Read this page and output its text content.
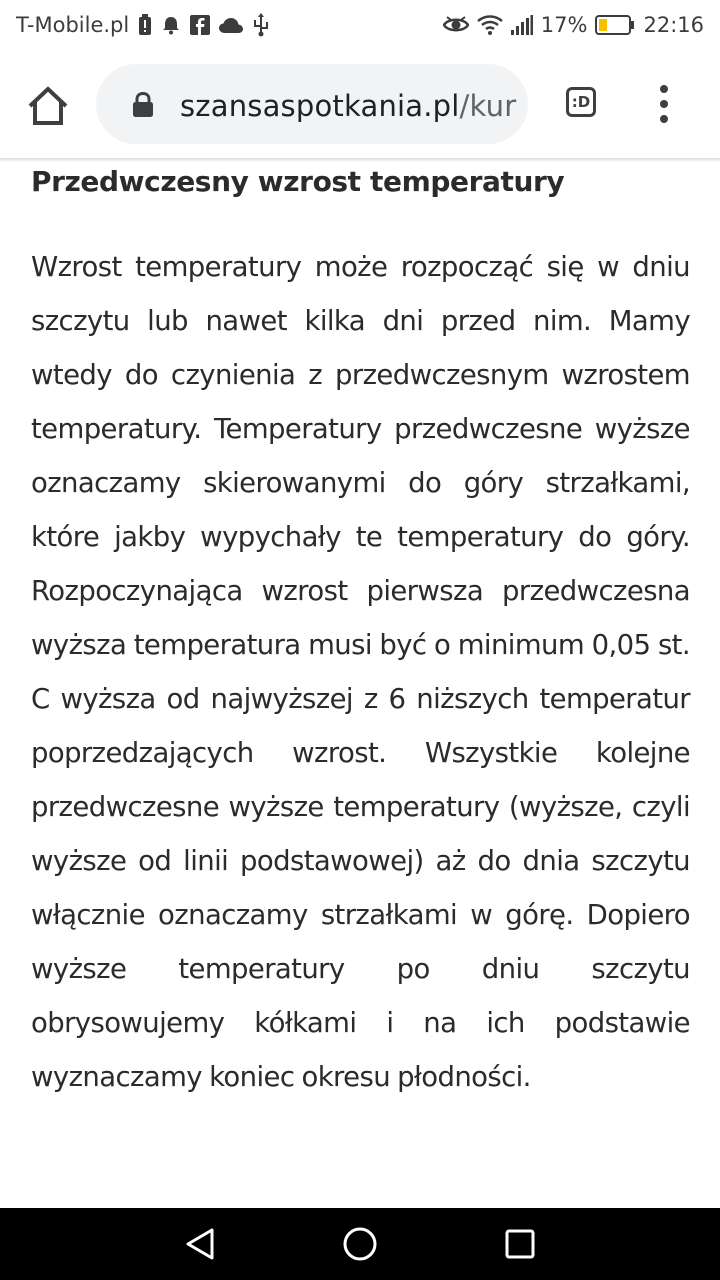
T-Mobile.pl	17%	22:16
szansaspotkania.pl/kur	:D
Przedwczesny wzrost temperatury

Wzrost temperatury może rozpocząć się w dniu szczytu lub nawet kilka dni przed nim. Mamy wtedy do czynienia z przedwczesnym wzrostem temperatury. Temperatury przedwczesne wyższe oznaczamy skierowanymi do góry strzałkami, które jakby wypychały te temperatury do góry. Rozpoczynająca wzrost pierwsza przedwczesna wyższa temperatura musi być o minimum 0,05 st. C wyższa od najwyższej z 6 niższych temperatur poprzedzających wzrost. Wszystkie kolejne przedwczesne wyższe temperatury (wyższe, czyli wyższe od linii podstawowej) aż do dnia szczytu włącznie oznaczamy strzałkami w górę. Dopiero wyższe temperatury po dniu szczytu obrysowujemy kółkami i na ich podstawie wyznaczamy koniec okresu płodności.
